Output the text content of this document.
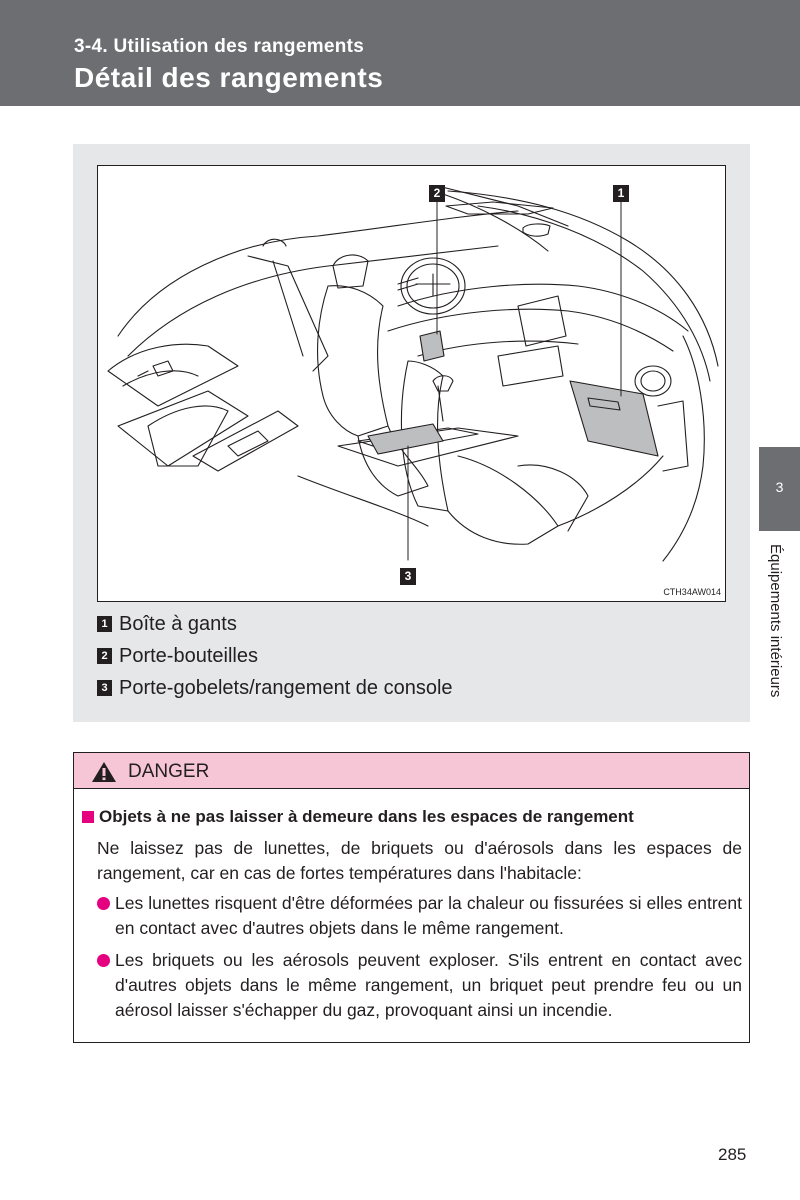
3-4. Utilisation des rangements
Détail des rangements
2	1
3
CTH34AW014
1 Boîte à gants
2 Porte-bouteilles
3 Porte-gobelets/rangement de console
DANGER
Objets à ne pas laisser à demeure dans les espaces de rangement
Ne laissez pas de lunettes, de briquets ou d'aérosols dans les espaces de rangement, car en cas de fortes températures dans l'habitacle:
Les lunettes risquent d'être déformées par la chaleur ou fissurées si elles entrent en contact avec d'autres objets dans le même rangement.
Les briquets ou les aérosols peuvent exploser. S'ils entrent en contact avec d'autres objets dans le même rangement, un briquet peut prendre feu ou un aérosol laisser s'échapper du gaz, provoquant ainsi un incendie.
3
Équipements intérieurs
285
